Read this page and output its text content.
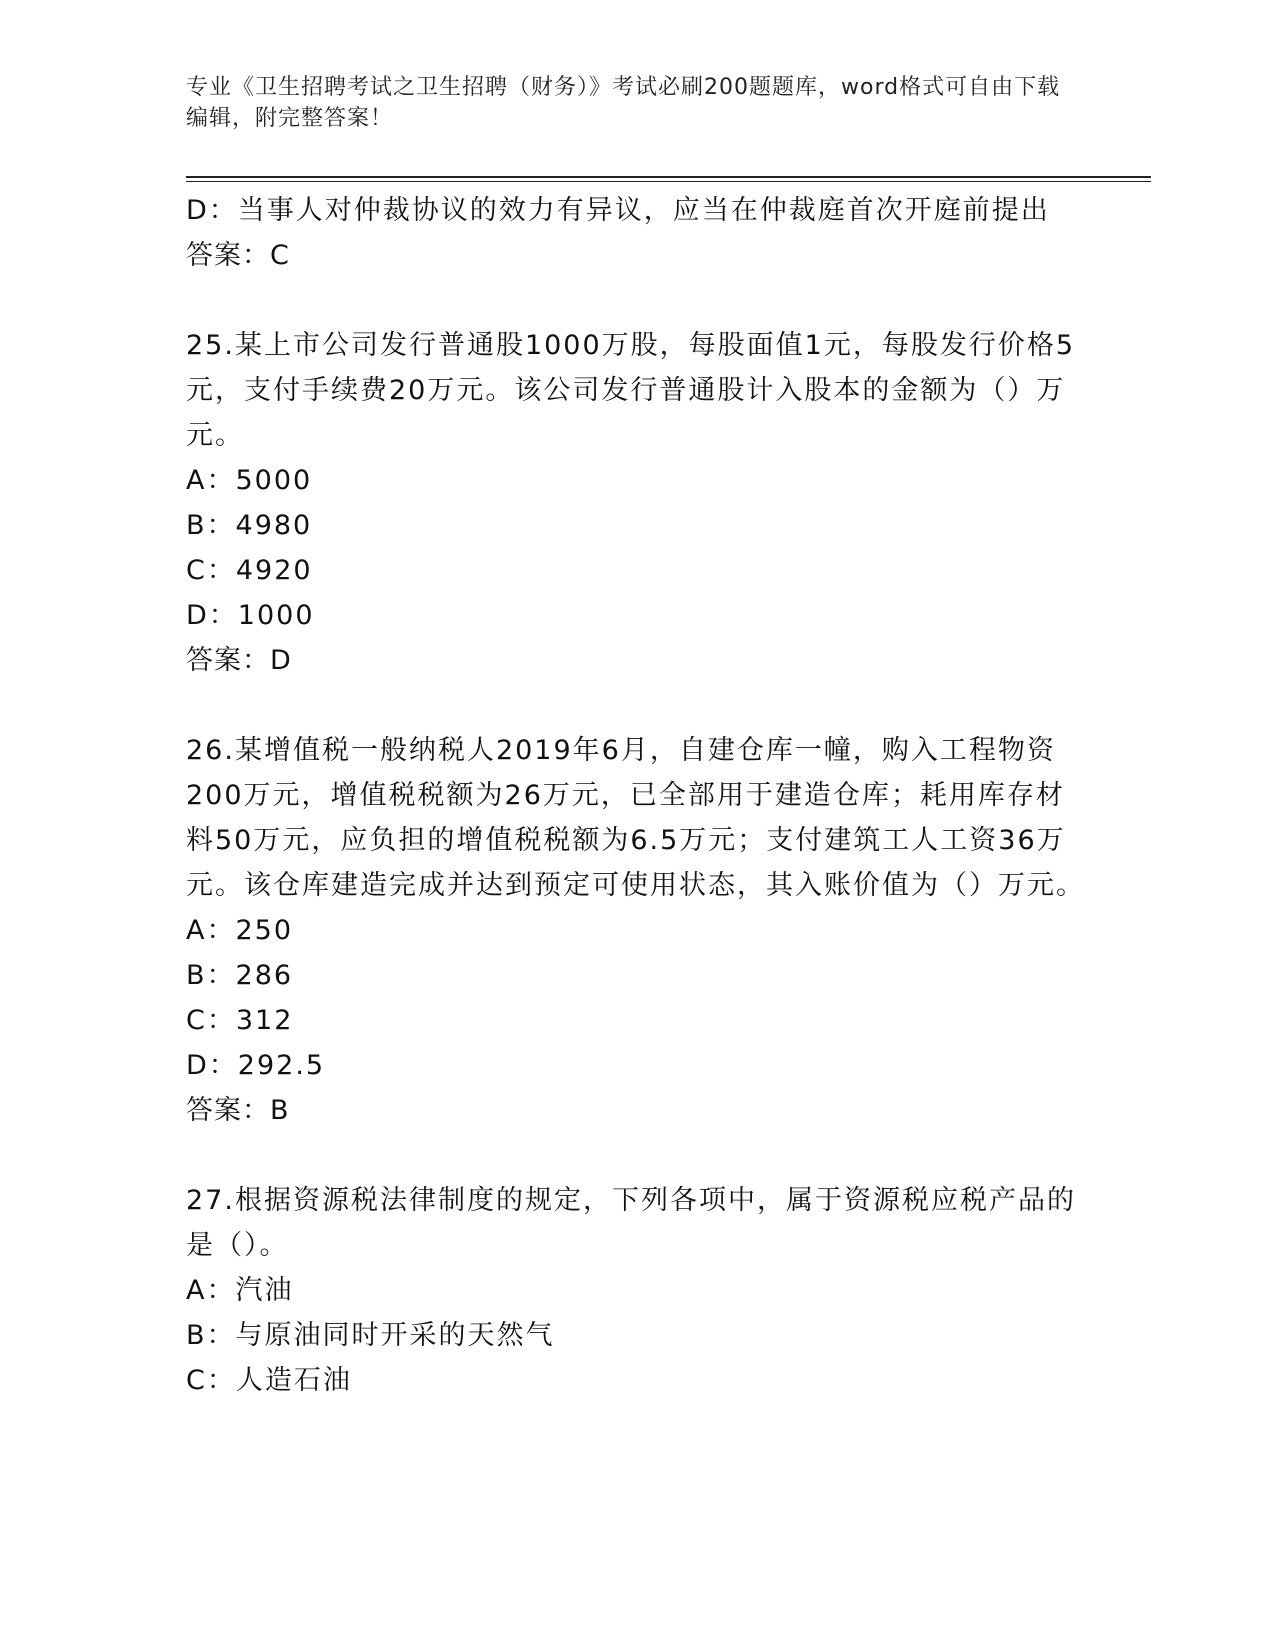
专业《卫生招聘考试之卫生招聘（财务）》考试必刷200题题库，word格式可自由下载编辑，附完整答案！

D：当事人对仲裁协议的效力有异议，应当在仲裁庭首次开庭前提出

答案：C

25.某上市公司发行普通股1000万股，每股面值1元，每股发行价格5元，支付手续费20万元。该公司发行普通股计入股本的金额为（）万元。

A：5000

B：4980

C：4920

D：1000

答案：D

26.某增值税一般纳税人2019年6月，自建仓库一幢，购入工程物资200万元，增值税税额为26万元，已全部用于建造仓库；耗用库存材料50万元，应负担的增值税税额为6.5万元；支付建筑工人工资36万元。该仓库建造完成并达到预定可使用状态，其入账价值为（）万元。

A：250

B：286

C：312

D：292.5

答案：B

27.根据资源税法律制度的规定，下列各项中，属于资源税应税产品的是（）。

A：汽油

B：与原油同时开采的天然气

C：人造石油
